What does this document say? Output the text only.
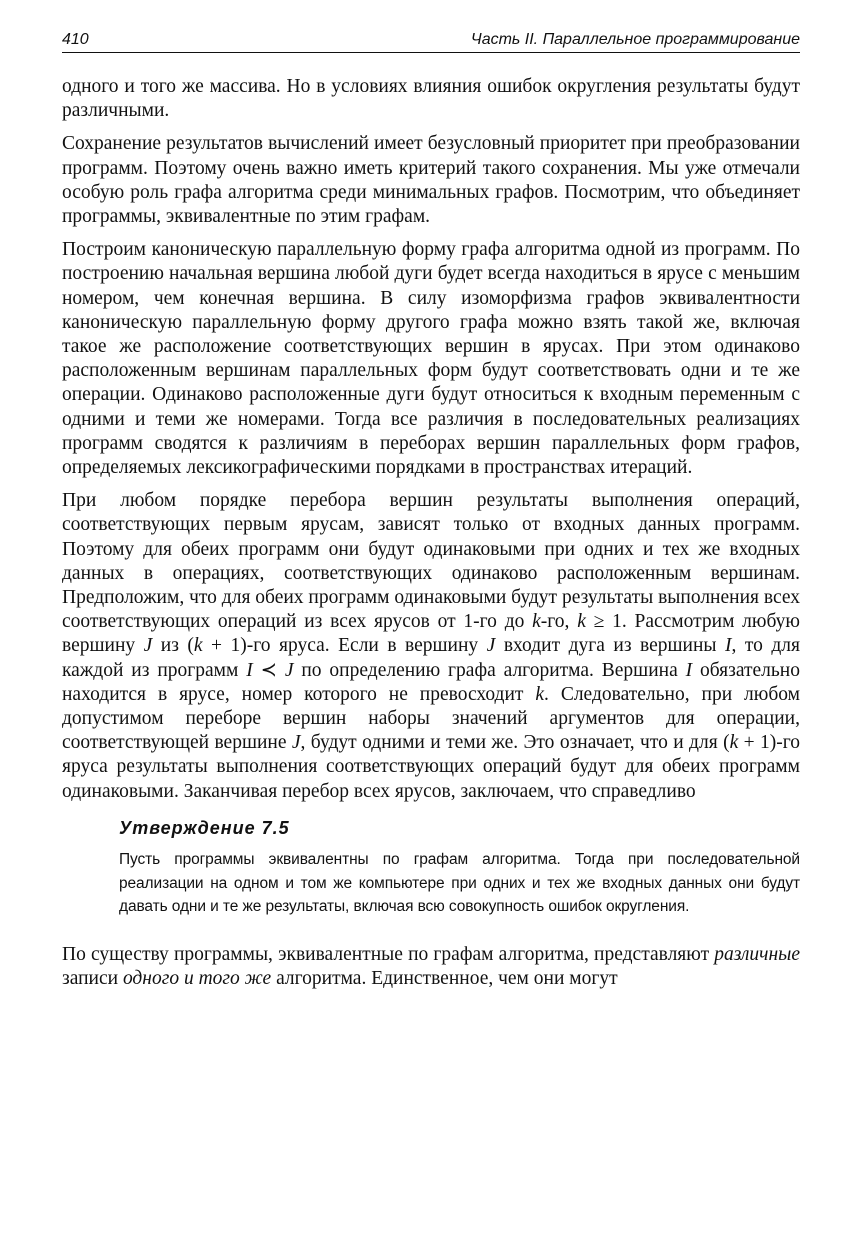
410	Часть II. Параллельное программирование

одного и того же массива. Но в условиях влияния ошибок округления результаты будут различными.

Сохранение результатов вычислений имеет безусловный приоритет при преобразовании программ. Поэтому очень важно иметь критерий такого сохранения. Мы уже отмечали особую роль графа алгоритма среди минимальных графов. Посмотрим, что объединяет программы, эквивалентные по этим графам.

Построим каноническую параллельную форму графа алгоритма одной из программ. По построению начальная вершина любой дуги будет всегда находиться в ярусе с меньшим номером, чем конечная вершина. В силу изоморфизма графов эквивалентности каноническую параллельную форму другого графа можно взять такой же, включая такое же расположение соответствующих вершин в ярусах. При этом одинаково расположенным вершинам параллельных форм будут соответствовать одни и те же операции. Одинаково расположенные дуги будут относиться к входным переменным с одними и теми же номерами. Тогда все различия в последовательных реализациях программ сводятся к различиям в переборах вершин параллельных форм графов, определяемых лексикографическими порядками в пространствах итераций.

При любом порядке перебора вершин результаты выполнения операций, соответствующих первым ярусам, зависят только от входных данных программ. Поэтому для обеих программ они будут одинаковыми при одних и тех же входных данных в операциях, соответствующих одинаково расположенным вершинам. Предположим, что для обеих программ одинаковыми будут результаты выполнения всех соответствующих операций из всех ярусов от 1-го до k-го, k ≥ 1. Рассмотрим любую вершину J из (k + 1)-го яруса. Если в вершину J входит дуга из вершины I, то для каждой из программ I ≺ J по определению графа алгоритма. Вершина I обязательно находится в ярусе, номер которого не превосходит k. Следовательно, при любом допустимом переборе вершин наборы значений аргументов для операции, соответствующей вершине J, будут одними и теми же. Это означает, что и для (k + 1)-го яруса результаты выполнения соответствующих операций будут для обеих программ одинаковыми. Заканчивая перебор всех ярусов, заключаем, что справедливо

Утверждение 7.5
Пусть программы эквивалентны по графам алгоритма. Тогда при последовательной реализации на одном и том же компьютере при одних и тех же входных данных они будут давать одни и те же результаты, включая всю совокупность ошибок округления.

По существу программы, эквивалентные по графам алгоритма, представляют различные записи одного и того же алгоритма. Единственное, чем они могут
